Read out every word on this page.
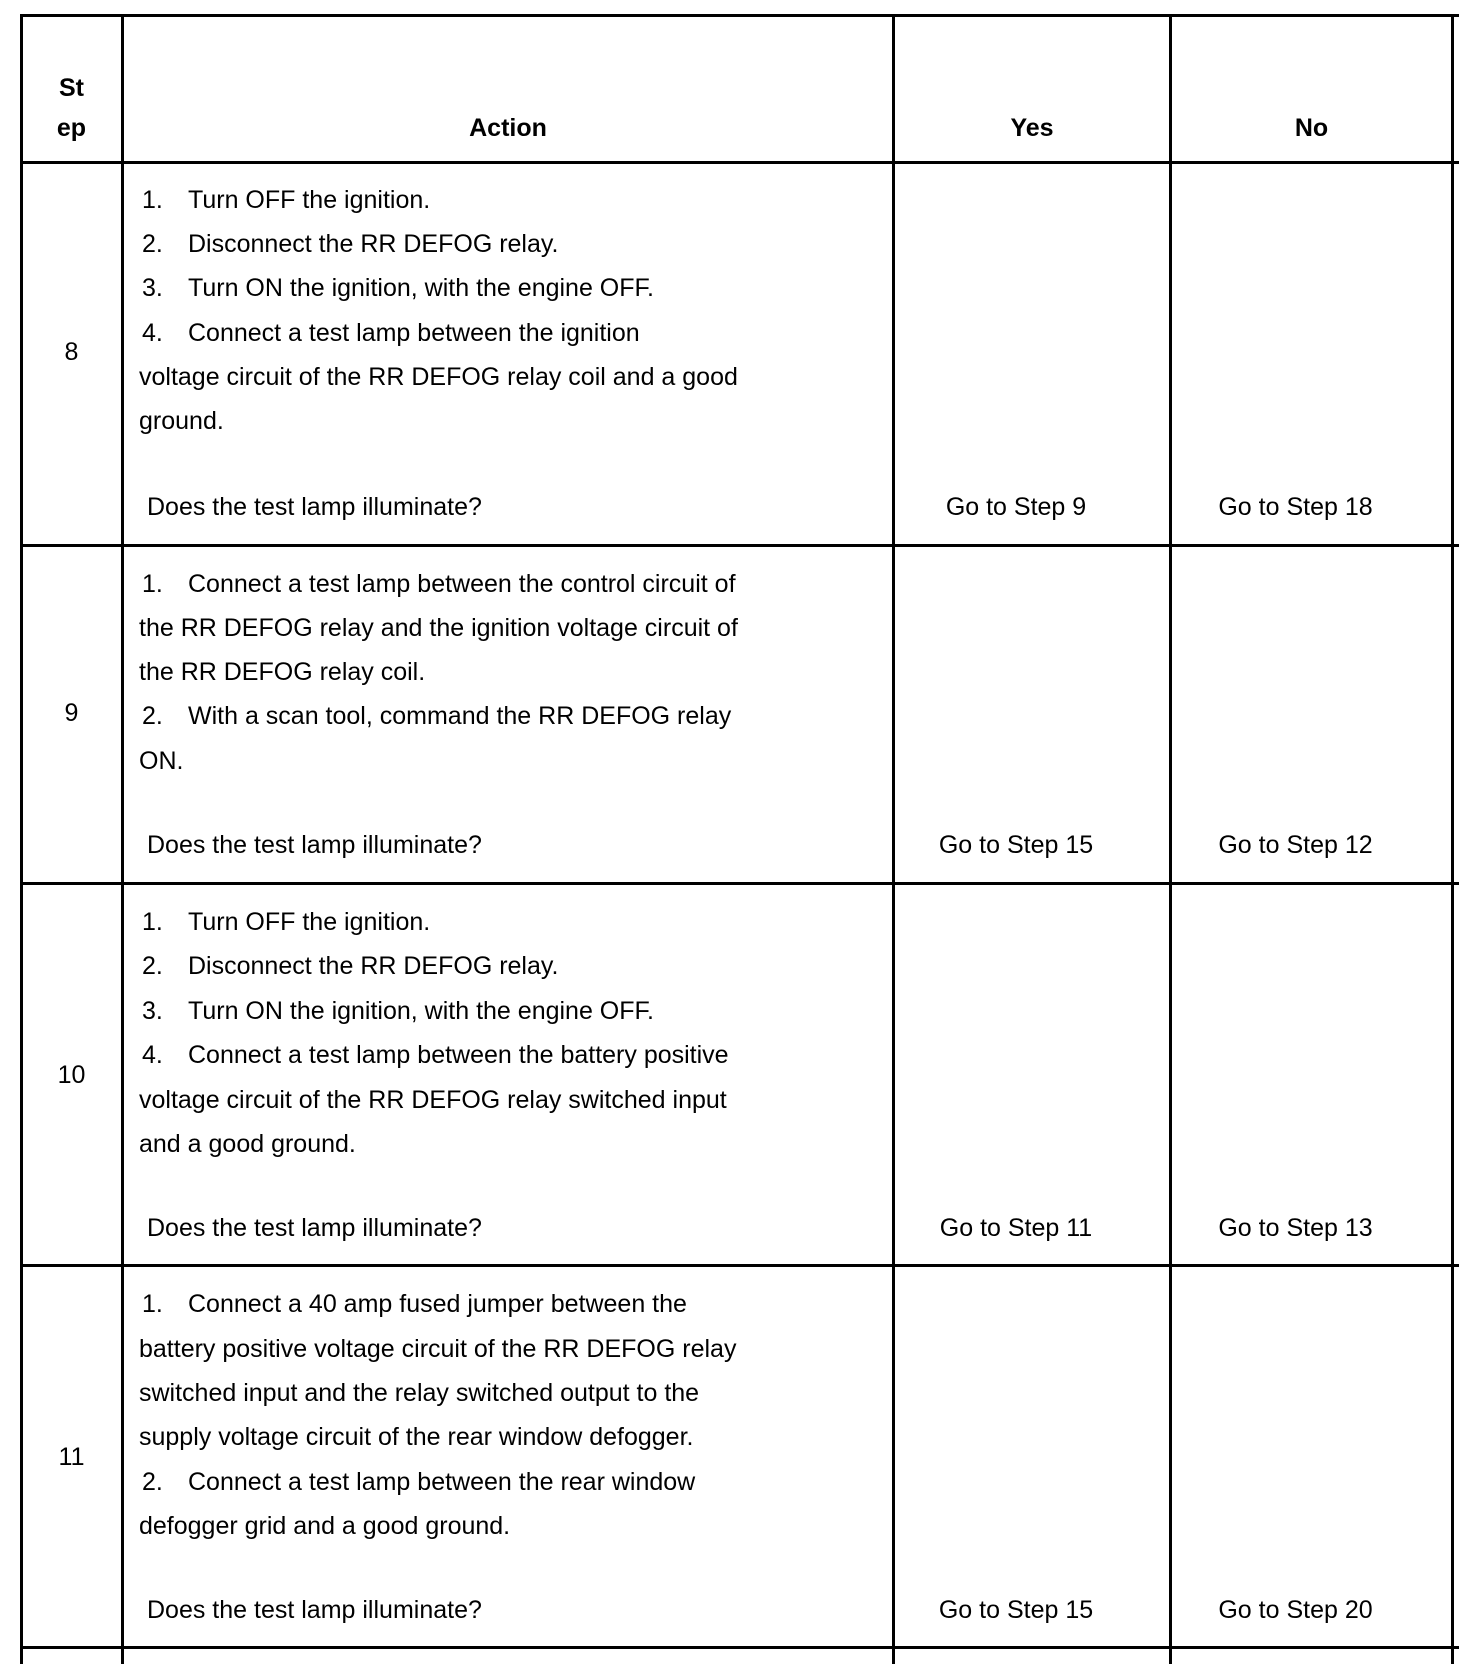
St
ep	Action	Yes	No
8
1. Turn OFF the ignition.
2. Disconnect the RR DEFOG relay.
3. Turn ON the ignition, with the engine OFF.
4. Connect a test lamp between the ignition
voltage circuit of the RR DEFOG relay coil and a good
ground.
Does the test lamp illuminate?	Go to Step 9	Go to Step 18
9
1. Connect a test lamp between the control circuit of
the RR DEFOG relay and the ignition voltage circuit of
the RR DEFOG relay coil.
2. With a scan tool, command the RR DEFOG relay
ON.
Does the test lamp illuminate?	Go to Step 15	Go to Step 12
10
1. Turn OFF the ignition.
2. Disconnect the RR DEFOG relay.
3. Turn ON the ignition, with the engine OFF.
4. Connect a test lamp between the battery positive
voltage circuit of the RR DEFOG relay switched input
and a good ground.
Does the test lamp illuminate?	Go to Step 11	Go to Step 13
11
1. Connect a 40 amp fused jumper between the
battery positive voltage circuit of the RR DEFOG relay
switched input and the relay switched output to the
supply voltage circuit of the rear window defogger.
2. Connect a test lamp between the rear window
defogger grid and a good ground.
Does the test lamp illuminate?	Go to Step 15	Go to Step 20
